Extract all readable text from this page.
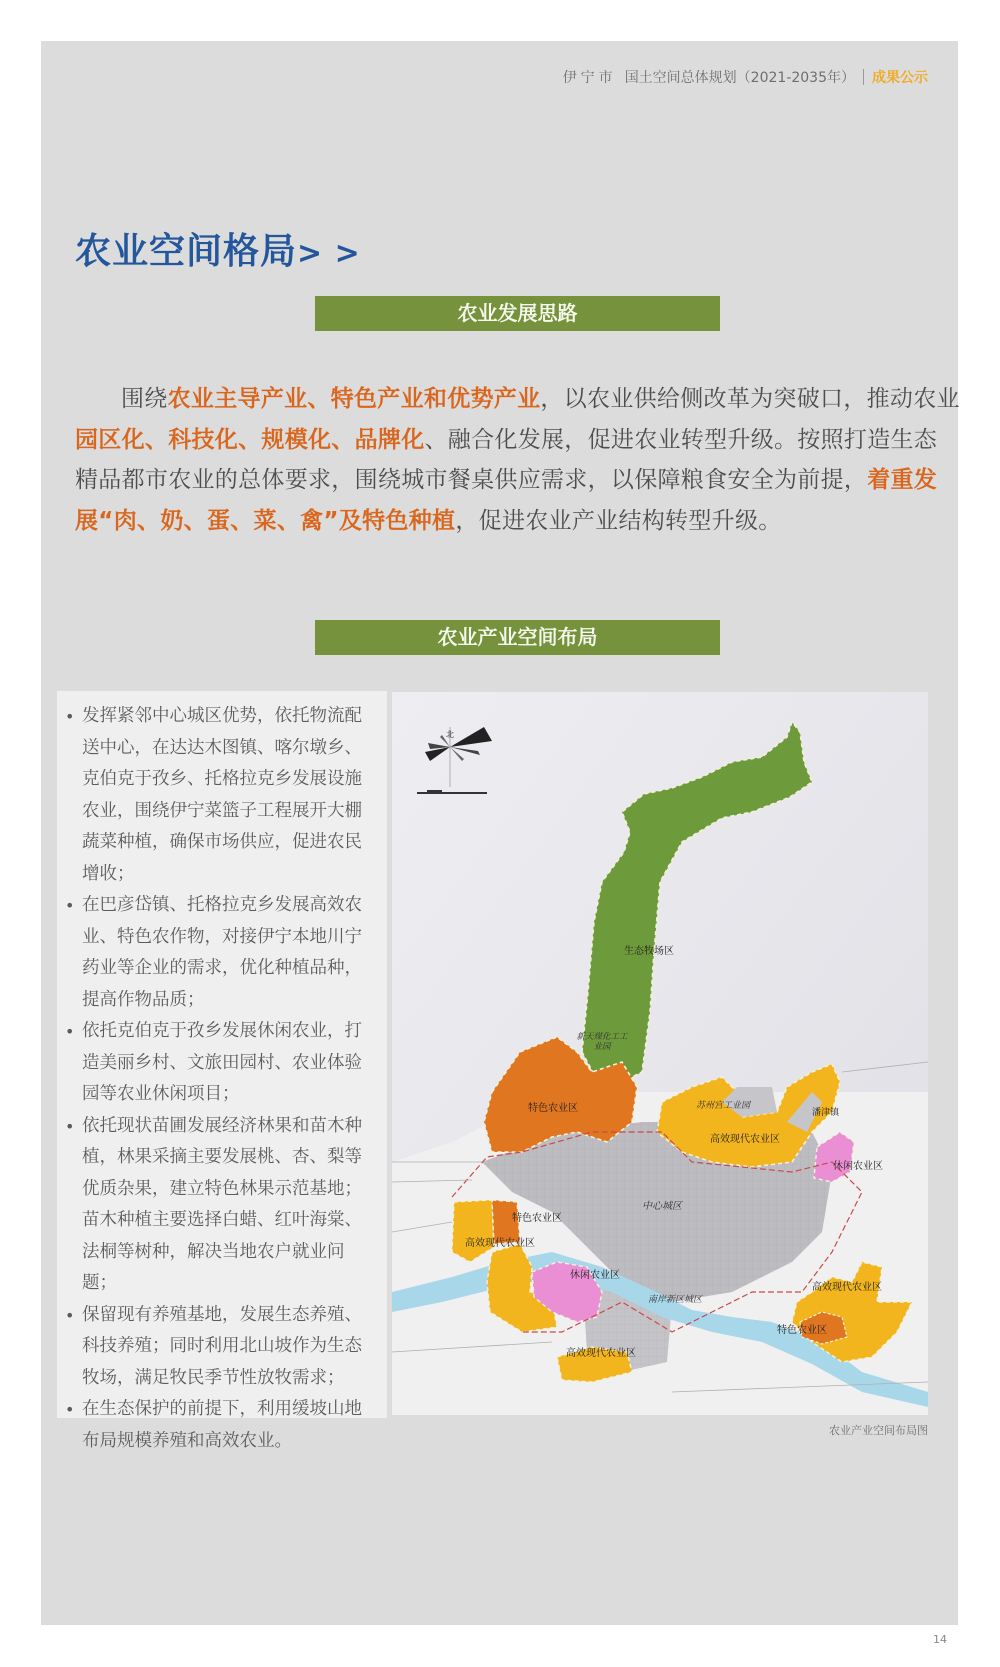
伊宁市 国土空间总体规划（2021-2035年） 成果公示
农业空间格局> >
农业发展思路

围绕农业主导产业、特色产业和优势产业，以农业供给侧改革为突破口，推动农业园区化、科技化、规模化、品牌化、融合化发展，促进农业转型升级。按照打造生态精品都市农业的总体要求，围绕城市餐桌供应需求，以保障粮食安全为前提，着重发展“肉、奶、蛋、菜、禽”及特色种植，促进农业产业结构转型升级。

农业产业空间布局
• 发挥紧邻中心城区优势，依托物流配送中心，在达达木图镇、喀尔墩乡、克伯克于孜乡、托格拉克乡发展设施农业，围绕伊宁菜篮子工程展开大棚蔬菜种植，确保市场供应，促进农民增收；
• 在巴彦岱镇、托格拉克乡发展高效农业、特色农作物，对接伊宁本地川宁药业等企业的需求，优化种植品种，提高作物品质；
• 依托克伯克于孜乡发展休闲农业，打造美丽乡村、文旅田园村、农业体验园等农业休闲项目；
• 依托现状苗圃发展经济林果和苗木种植，林果采摘主要发展桃、杏、梨等优质杂果，建立特色林果示范基地；苗木种植主要选择白蜡、红叶海棠、法桐等树种，解决当地农户就业问题；
• 保留现有养殖基地，发展生态养殖、科技养殖；同时利用北山坡作为生态牧场，满足牧民季节性放牧需求；
• 在生态保护的前提下，利用缓坡山地布局规模养殖和高效农业。
北
生态牧场区
新天煤化工工业园
特色农业区	苏州宫工业园
潘津镇
高效现代农业区
休闲农业区
中心城区
特色农业区
高效现代农业区
休闲农业区
南岸新区城区
高效现代农业区
高效现代农业区
特色农业区
农业产业空间布局图
14
